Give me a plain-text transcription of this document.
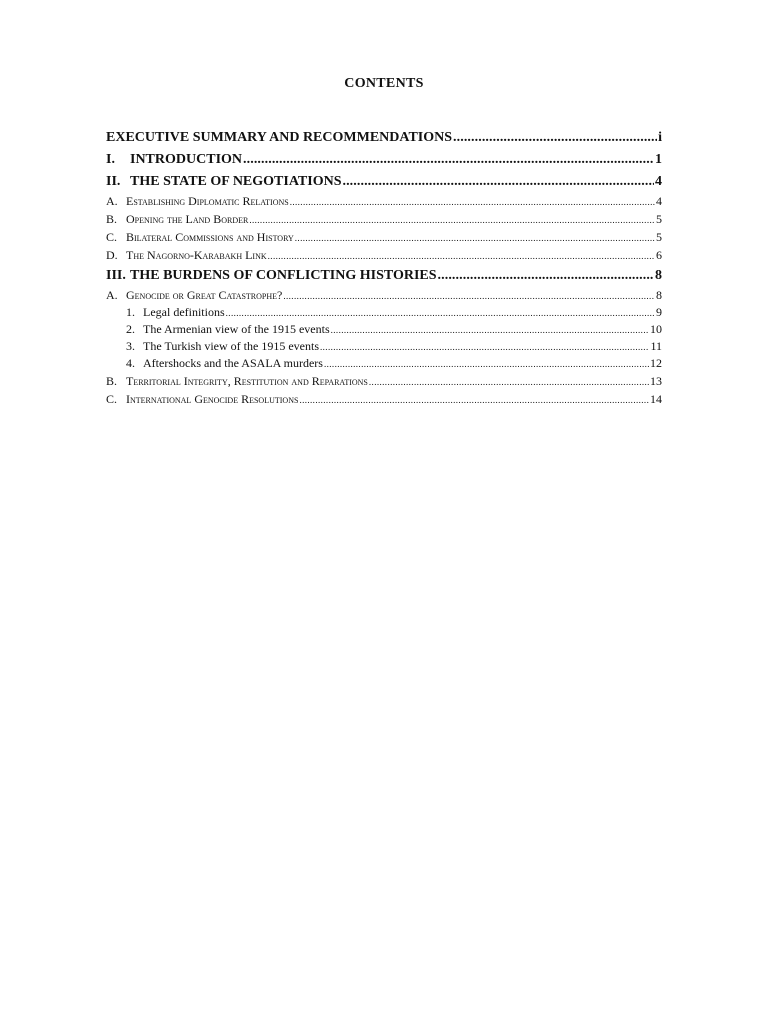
CONTENTS
EXECUTIVE SUMMARY AND RECOMMENDATIONS .....	i
I.	INTRODUCTION .....	1
II. THE STATE OF NEGOTIATIONS .....	4
A. Establishing Diplomatic Relations .....	4
B. Opening the Land Border .....	5
C. Bilateral Commissions and History .....	5
D. The Nagorno-Karabakh Link .....	6
III. THE BURDENS OF CONFLICTING HISTORIES .....	8
A. Genocide or Great Catastrophe? .....	8
1. Legal definitions .....	9
2. The Armenian view of the 1915 events .....	10
3. The Turkish view of the 1915 events .....	11
4. Aftershocks and the ASALA murders .....	12
B. Territorial Integrity, Restitution and Reparations .....	13
C. International Genocide Resolutions .....	14
